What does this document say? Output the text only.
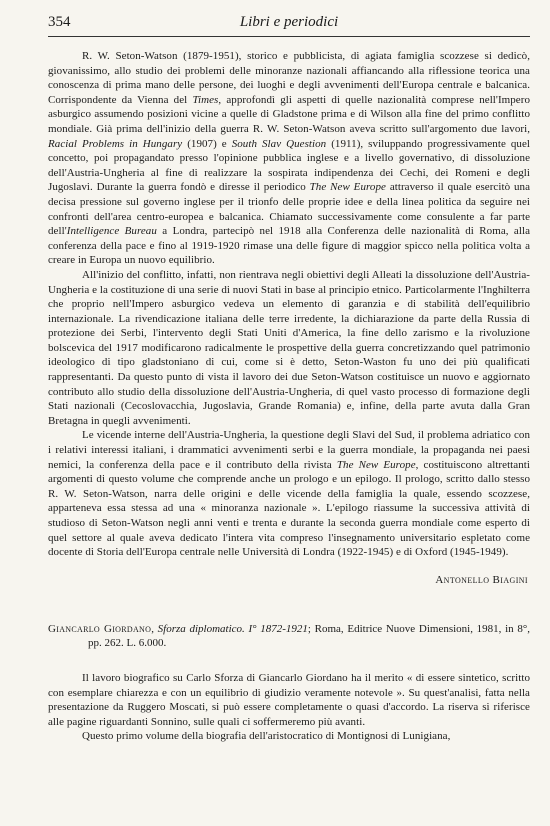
354	Libri e periodici

R. W. Seton-Watson (1879-1951), storico e pubblicista, di agiata famiglia scozzese si dedicò, giovanissimo, allo studio dei problemi delle minoranze nazionali affiancando alla riflessione teorica una conoscenza di prima mano delle persone, dei luoghi e degli avvenimenti dell'Europa centrale e balcanica. Corrispondente da Vienna del Times, approfondì gli aspetti di quelle nazionalità comprese nell'Impero asburgico assumendo posizioni vicine a quelle di Gladstone prima e di Wilson alla fine del primo conflitto mondiale. Già prima dell'inizio della guerra R. W. Seton-Watson aveva scritto sull'argomento due lavori, Racial Problems in Hungary (1907) e South Slav Question (1911), sviluppando progressivamente quel concetto, poi propagandato presso l'opinione pubblica inglese e a livello governativo, di dissoluzione dell'Austria-Ungheria al fine di realizzare la sospirata indipendenza dei Cechi, dei Romeni e degli Jugoslavi. Durante la guerra fondò e diresse il periodico The New Europe attraverso il quale esercitò una decisa pressione sul governo inglese per il trionfo delle proprie idee e della linea politica da seguire nei confronti dell'area centro-europea e balcanica. Chiamato successivamente come consulente a far parte dell'Intelligence Bureau a Londra, partecipò nel 1918 alla Conferenza delle nazionalità di Roma, alla conferenza della pace e fino al 1919-1920 rimase una delle figure di maggior spicco nella politica volta a creare in Europa un nuovo equilibrio.

All'inizio del conflitto, infatti, non rientrava negli obiettivi degli Alleati la dissoluzione dell'Austria-Ungheria e la costituzione di una serie di nuovi Stati in base al principio etnico. Particolarmente l'Inghilterra che proprio nell'Impero asburgico vedeva un elemento di garanzia e di stabilità dell'equilibrio internazionale. La rivendicazione italiana delle terre irredente, la dichiarazione da parte della Russia di protezione dei Serbi, l'intervento degli Stati Uniti d'America, la fine dello zarismo e la rivoluzione bolscevica del 1917 modificarono radicalmente le prospettive della guerra concretizzando quel patrimonio ideologico di tipo gladstoniano di cui, come si è detto, Seton-Waston fu uno dei più qualificati rappresentanti. Da questo punto di vista il lavoro dei due Seton-Watson costituisce un nuovo e aggiornato contributo allo studio della dissoluzione dell'Austria-Ungheria, di quel vasto processo di formazione degli Stati nazionali (Cecoslovacchia, Jugoslavia, Grande Romania) e, infine, della parte avuta dalla Gran Bretagna in quegli avvenimenti.

Le vicende interne dell'Austria-Ungheria, la questione degli Slavi del Sud, il problema adriatico con i relativi interessi italiani, i drammatici avvenimenti serbi e la guerra mondiale, la propaganda nei paesi nemici, la conferenza della pace e il contributo della rivista The New Europe, costituiscono altrettanti argomenti di questo volume che comprende anche un prologo e un epilogo. Il prologo, scritto dallo stesso R. W. Seton-Watson, narra delle origini e delle vicende della famiglia la quale, essendo scozzese, apparteneva essa stessa ad una « minoranza nazionale ». L'epilogo riassume la successiva attività di studioso di Seton-Watson negli anni venti e trenta e durante la seconda guerra mondiale come esperto di quel settore al quale aveva dedicato l'intera vita compreso l'insegnamento universitario espletato come docente di Storia dell'Europa centrale nelle Università di Londra (1922-1945) e di Oxford (1945-1949).

Antonello Biagini
Giancarlo Giordano, Sforza diplomatico. I° 1872-1921; Roma, Editrice Nuove Dimensioni, 1981, in 8°, pp. 262. L. 6.000.

Il lavoro biografico su Carlo Sforza di Giancarlo Giordano ha il merito « di essere sintetico, scritto con esemplare chiarezza e con un equilibrio di giudizio veramente notevole ». Su quest'analisi, fatta nella presentazione da Ruggero Moscati, si può essere completamente o quasi d'accordo. La riserva si riferisce alle pagine riguardanti Sonnino, sulle quali ci soffermeremo più avanti.

Questo primo volume della biografia dell'aristocratico di Montignosi di Lunigiana,
